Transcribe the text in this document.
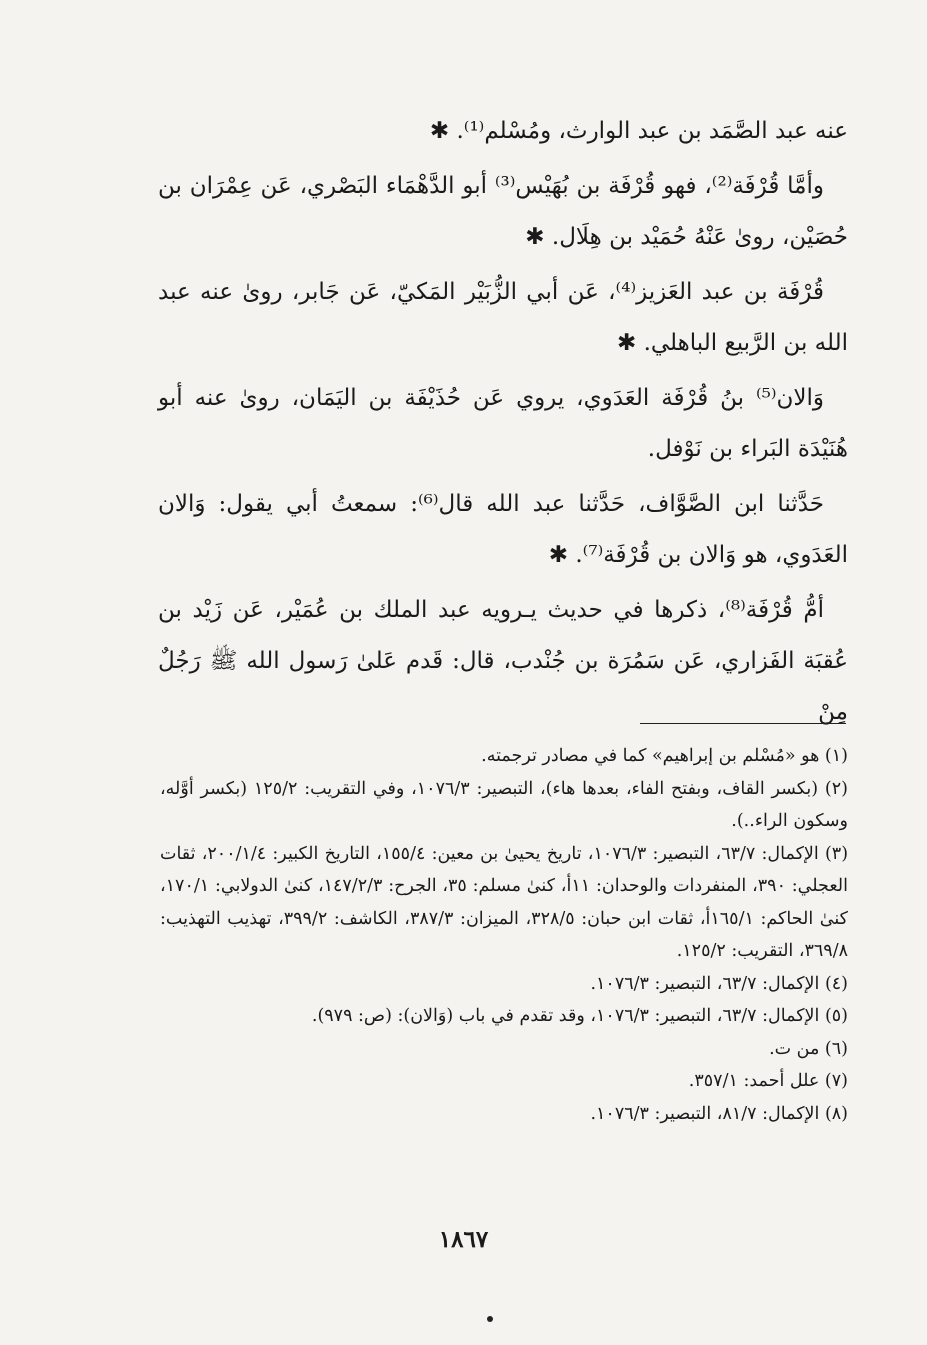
عنه عبد الصَّمَد بن عبد الوارث، ومُسْلم⁽¹⁾. ✱

وأمَّا قُرْفَة⁽²⁾، فهو قُرْفَة بن بُهَيْس⁽³⁾ أبو الدَّهْمَاء البَصْري، عَن عِمْرَان بن حُصَيْن، روىٰ عَنْهُ حُمَيْد بن هِلَال. ✱

قُرْفَة بن عبد العَزيز⁽⁴⁾، عَن أبي الزُّبَيْر المَكيّ، عَن جَابر، روىٰ عنه عبد الله بن الرَّبيع الباهلي. ✱

وَالان⁽⁵⁾ بنُ قُرْفَة العَدَوي، يروي عَن حُذَيْفَة بن اليَمَان، روىٰ عنه أبو هُنَيْدَة البَراء بن نَوْفل.

حَدَّثنا ابن الصَّوَّاف، حَدَّثنا عبد الله قال⁽⁶⁾: سمعتُ أبي يقول: وَالان العَدَوي، هو وَالان بن قُرْفَة⁽⁷⁾. ✱

أمُّ قُرْفَة⁽⁸⁾، ذكرها في حديث يـرويه عبد الملك بن عُمَيْر، عَن زَيْد بن عُقبَة الفَزاري، عَن سَمُرَة بن جُنْدب، قال: قَدم عَلىٰ رَسول الله ﷺ رَجُلٌ مِنْ

(١) هو «مُسْلم بن إبراهيم» كما في مصادر ترجمته.

(٢) (بكسر القاف، وبفتح الفاء، بعدها هاء)، التبصير: ١٠٧٦/٣، وفي التقريب: ١٢٥/٢ (بكسر أوَّله، وسكون الراء..).

(٣) الإكمال: ٦٣/٧، التبصير: ١٠٧٦/٣، تاريخ يحيىٰ بن معين: ١٥٥/٤، التاريخ الكبير: ٢٠٠/١/٤، ثقات العجلي: ٣٩٠، المنفردات والوحدان: ١١أ، كنىٰ مسلم: ٣٥، الجرح: ١٤٧/٢/٣، كنىٰ الدولابي: ١٧٠/١، كنىٰ الحاكم: ١٦٥/١أ، ثقات ابن حبان: ٣٢٨/٥، الميزان: ٣٨٧/٣، الكاشف: ٣٩٩/٢، تهذيب التهذيب: ٣٦٩/٨، التقريب: ١٢٥/٢.

(٤) الإكمال: ٦٣/٧، التبصير: ١٠٧٦/٣.

(٥) الإكمال: ٦٣/٧، التبصير: ١٠٧٦/٣، وقد تقدم في باب (وَالان): (ص: ٩٧٩).

(٦) من ت.

(٧) علل أحمد: ٣٥٧/١.

(٨) الإكمال: ٨١/٧، التبصير: ١٠٧٦/٣.

١٨٦٧
